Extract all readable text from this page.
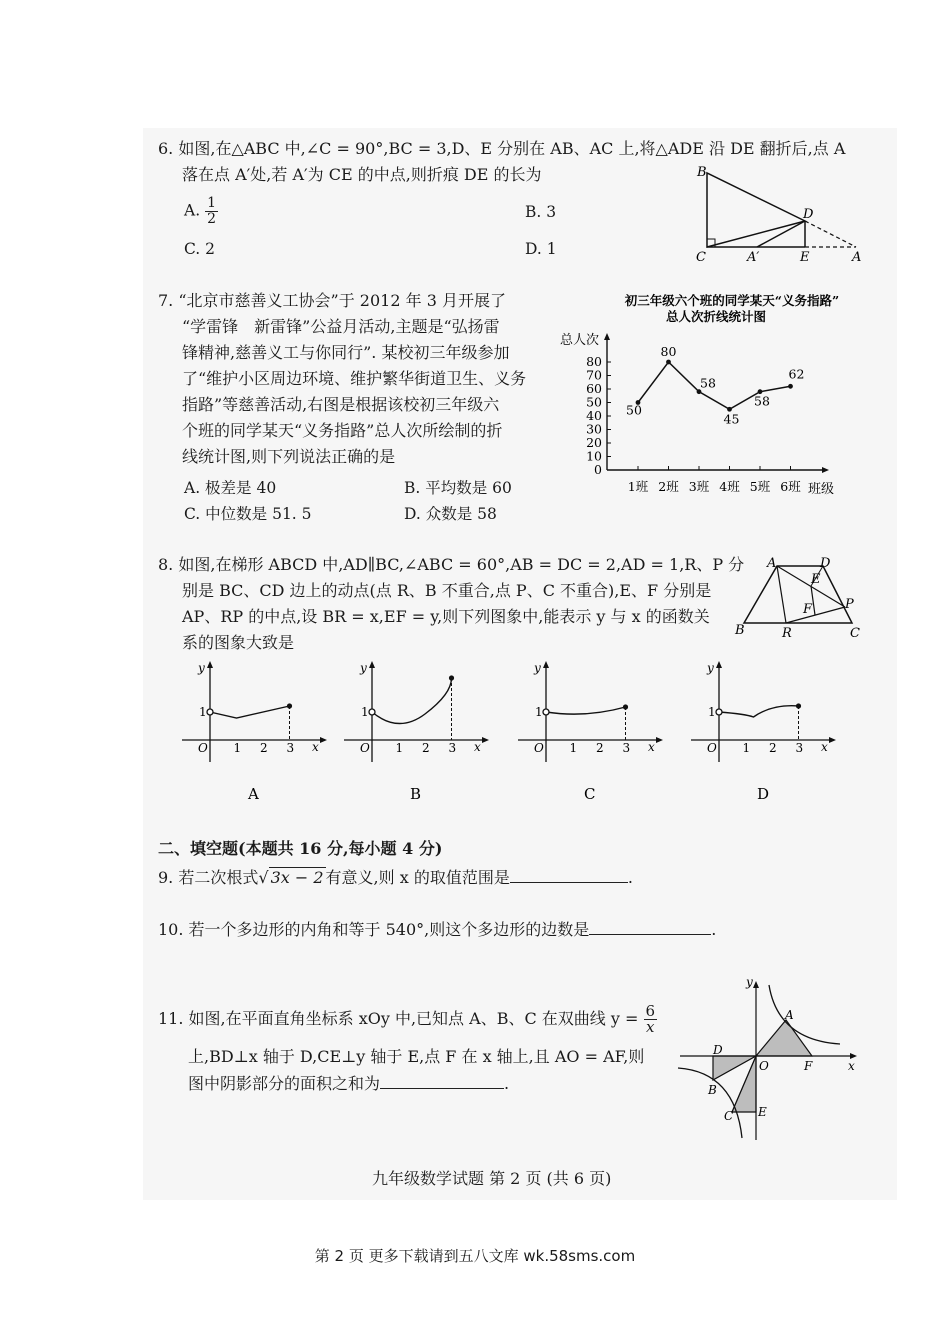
6. 如图,在△ABC 中,∠C = 90°,BC = 3,D、E 分别在 AB、AC 上,将△ADE 沿 DE 翻折后,点 A
落在点 A′处,若 A′为 CE 的中点,则折痕 DE 的长为
A. $\frac{1}{2}$	B. 3
C. 2	D. 1
B
D
C	A′	E	A
7. “北京市慈善义工协会”于 2012 年 3 月开展了
“学雷锋　新雷锋”公益月活动,主题是“弘扬雷
锋精神,慈善义工与你同行”. 某校初三年级参加
了“维护小区周边环境、维护繁华街道卫生、义务
指路”等慈善活动,右图是根据该校初三年级六
个班的同学某天“义务指路”总人次所绘制的折
线统计图,则下列说法正确的是
A. 极差是 40	B. 平均数是 60
C. 中位数是 51. 5	D. 众数是 58
初三年级六个班的同学某天“义务指路”
总人次折线统计图
总人次
班级
0
10
20
30
40
50
60
70
80
1班 2班 3班 4班 5班 6班
50
80
58
45
58
62
8. 如图,在梯形 ABCD 中,AD∥BC,∠ABC = 60°,AB = DC = 2,AD = 1,R、P 分
别是 BC、CD 边上的动点(点 R、B 不重合,点 P、C 不重合),E、F 分别是
AP、RP 的中点,设 BR = x,EF = y,则下列图象中,能表示 y 与 x 的函数关
系的图象大致是
A	D
E
F	P
B	R	C
y
x
O
1
1 2 3
A
y
x
O
1
1 2 3
B
y
x
O
1
1 2 3
C
y
x
O
1
1 2 3
D
二、填空题(本题共 16 分,每小题 4 分)
9. 若二次根式√ 3x − 2 有意义,则 x 的取值范围是	.
10. 若一个多边形的内角和等于 540°,则这个多边形的边数是	.
11. 如图,在平面直角坐标系 xOy 中,已知点 A、B、C 在双曲线 $y = \frac{6}{x}$
上,BD⊥x 轴于 D,CE⊥y 轴于 E,点 F 在 x 轴上,且 AO = AF,则
图中阴影部分的面积之和为	.
y
x
A
D
O	F
B
C E
九年级数学试题 第 2 页 (共 6 页)
第 2 页 更多下载请到五八文库 wk.58sms.com
